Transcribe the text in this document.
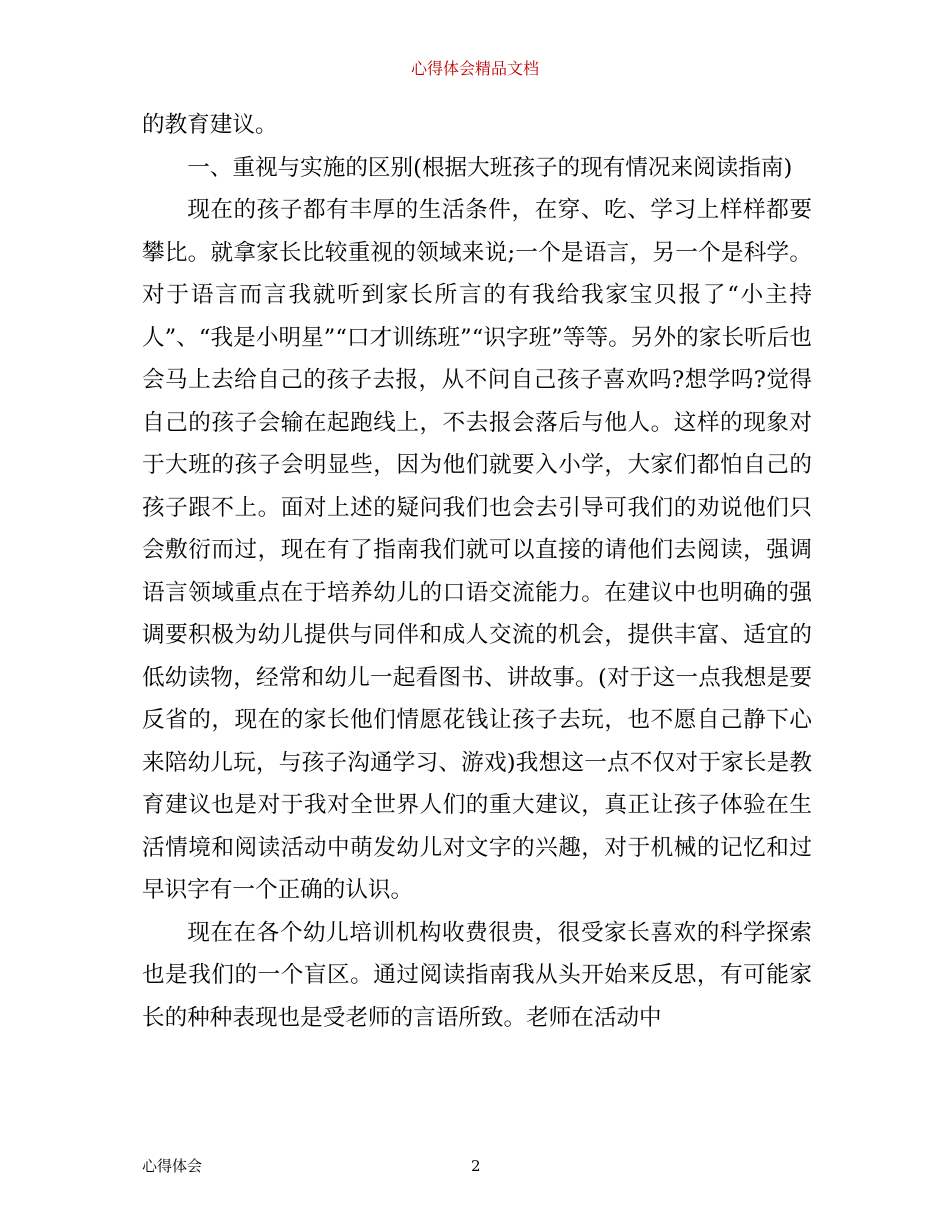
心得体会精品文档

的教育建议。

一、重视与实施的区别(根据大班孩子的现有情况来阅读指南)

现在的孩子都有丰厚的生活条件，在穿、吃、学习上样样都要攀比。就拿家长比较重视的领域来说;一个是语言，另一个是科学。对于语言而言我就听到家长所言的有我给我家宝贝报了“小主持人”、“我是小明星”“口才训练班”“识字班”等等。另外的家长听后也会马上去给自己的孩子去报，从不问自己孩子喜欢吗?想学吗?觉得自己的孩子会输在起跑线上，不去报会落后与他人。这样的现象对于大班的孩子会明显些，因为他们就要入小学，大家们都怕自己的孩子跟不上。面对上述的疑问我们也会去引导可我们的劝说他们只会敷衍而过，现在有了指南我们就可以直接的请他们去阅读，强调语言领域重点在于培养幼儿的口语交流能力。在建议中也明确的强调要积极为幼儿提供与同伴和成人交流的机会，提供丰富、适宜的低幼读物，经常和幼儿一起看图书、讲故事。(对于这一点我想是要反省的，现在的家长他们情愿花钱让孩子去玩，也不愿自己静下心来陪幼儿玩，与孩子沟通学习、游戏)我想这一点不仅对于家长是教育建议也是对于我对全世界人们的重大建议，真正让孩子体验在生活情境和阅读活动中萌发幼儿对文字的兴趣，对于机械的记忆和过早识字有一个正确的认识。

现在在各个幼儿培训机构收费很贵，很受家长喜欢的科学探索也是我们的一个盲区。通过阅读指南我从头开始来反思，有可能家长的种种表现也是受老师的言语所致。老师在活动中

心得体会	2
